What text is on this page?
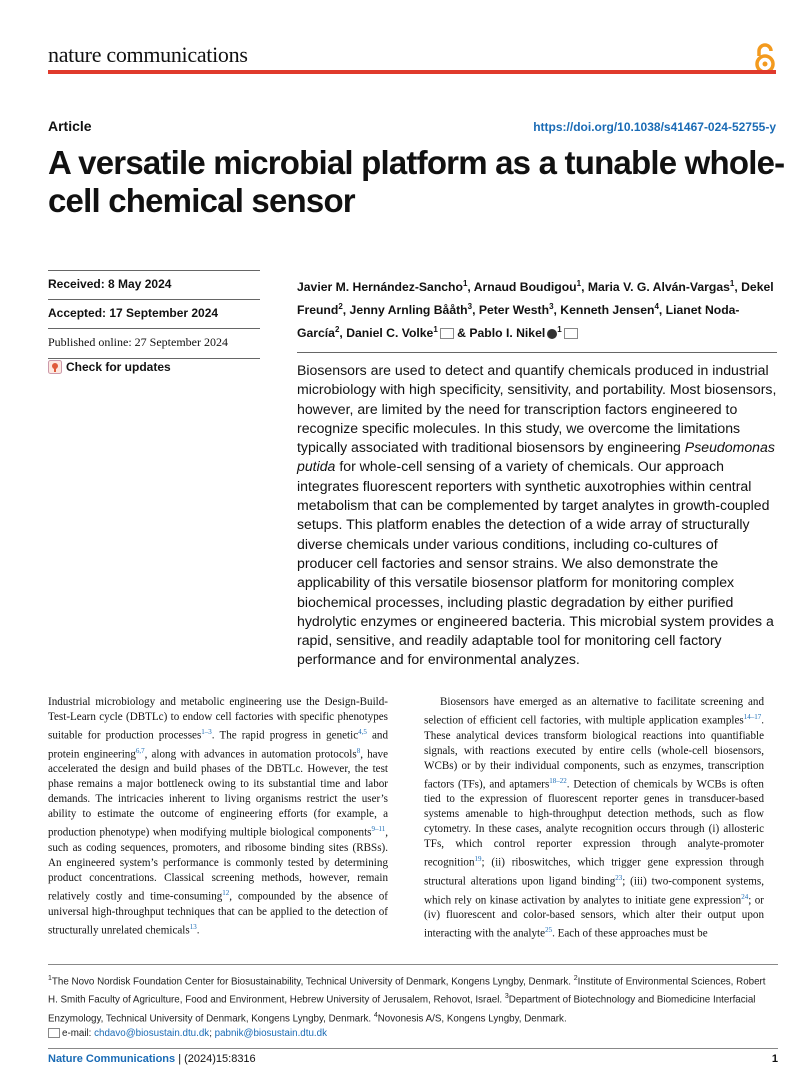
nature communications
Article	https://doi.org/10.1038/s41467-024-52755-y
A versatile microbial platform as a tunable whole-cell chemical sensor
Received: 8 May 2024
Accepted: 17 September 2024
Published online: 27 September 2024
Check for updates
Javier M. Hernández-Sancho$^1$, Arnaud Boudigou$^1$, Maria V. G. Alván-Vargas$^1$, Dekel Freund$^2$, Jenny Arnling Bååth$^3$, Peter Westh$^3$, Kenneth Jensen$^4$, Lianet Noda-García$^2$, Daniel C. Volke$^1$ & Pablo I. Nikel $^1$
Biosensors are used to detect and quantify chemicals produced in industrial microbiology with high specificity, sensitivity, and portability. Most biosensors, however, are limited by the need for transcription factors engineered to recognize specific molecules. In this study, we overcome the limitations typically associated with traditional biosensors by engineering Pseudomonas putida for whole-cell sensing of a variety of chemicals. Our approach integrates fluorescent reporters with synthetic auxotrophies within central metabolism that can be complemented by target analytes in growth-coupled setups. This platform enables the detection of a wide array of structurally diverse chemicals under various conditions, including co-cultures of producer cell factories and sensor strains. We also demonstrate the applicability of this versatile biosensor platform for monitoring complex biochemical processes, including plastic degradation by either purified hydrolytic enzymes or engineered bacteria. This microbial system provides a rapid, sensitive, and readily adaptable tool for monitoring cell factory performance and for environmental analyzes.

Industrial microbiology and metabolic engineering use the Design-Build-Test-Learn cycle (DBTLc) to endow cell factories with specific phenotypes suitable for production processes$^{1-3}$. The rapid progress in genetic$^{4,5}$ and protein engineering$^{6,7}$, along with advances in automation protocols$^8$, have accelerated the design and build phases of the DBTLc. However, the test phase remains a major bottleneck owing to its substantial time and labor demands. The intricacies inherent to living organisms restrict the user’s ability to estimate the outcome of engineering efforts (for example, a production phenotype) when modifying multiple biological components$^{9-11}$, such as coding sequences, promoters, and ribosome binding sites (RBSs). An engineered system’s performance is commonly tested by determining product concentrations. Classical screening methods, however, remain relatively costly and time-consuming$^{12}$, compounded by the absence of universal high-throughput techniques that can be applied to the detection of structurally unrelated chemicals$^{13}$.

Biosensors have emerged as an alternative to facilitate screening and selection of efficient cell factories, with multiple application examples$^{14-17}$. These analytical devices transform biological reactions into quantifiable signals, with reactions executed by entire cells (whole-cell biosensors, WCBs) or by their individual components, such as enzymes, transcription factors (TFs), and aptamers$^{18-22}$. Detection of chemicals by WCBs is often tied to the expression of fluorescent reporter genes in transducer-based systems amenable to high-throughput detection methods, such as flow cytometry. In these cases, analyte recognition occurs through (i) allosteric TFs, which control reporter expression through analyte-promoter recognition$^{19}$; (ii) riboswitches, which trigger gene expression through structural alterations upon ligand binding$^{23}$; (iii) two-component systems, which rely on kinase activation by analytes to initiate gene expression$^{24}$; or (iv) fluorescent and color-based sensors, which alter their output upon interacting with the analyte$^{25}$. Each of these approaches must be

$^1$The Novo Nordisk Foundation Center for Biosustainability, Technical University of Denmark, Kongens Lyngby, Denmark. $^2$Institute of Environmental Sciences, Robert H. Smith Faculty of Agriculture, Food and Environment, Hebrew University of Jerusalem, Rehovot, Israel. $^3$Department of Biotechnology and Biomedicine Interfacial Enzymology, Technical University of Denmark, Kongens Lyngby, Denmark. $^4$Novonesis A/S, Kongens Lyngby, Denmark.
e-mail: chdavo@biosustain.dtu.dk; pabnik@biosustain.dtu.dk
Nature Communications | (2024)15:8316	1
